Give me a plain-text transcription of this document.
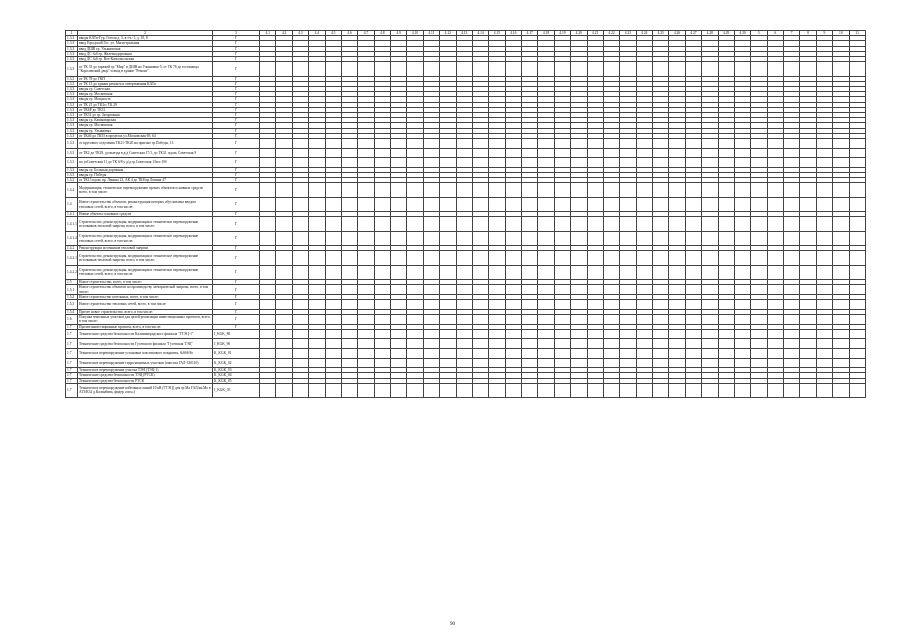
1	2	3	4.1	4.2	4.3	4.4	4.5	4.6	4.7	4.8	4.9	4.10	4.11	4.12	4.13	4.14	4.15	4.16	4.17	4.18	4.19	4.20	4.21	4.22	4.23	4.24	4.25	4.26	4.27	4.28	4.29	4.30	5	6	7	8	9	10	11
1.3.3	вводы КАТп-Гур, Гоголя д. 3, в т.ч.-1, д. 10, 8	Г																																					
1.3.3	ввод Городской Гос. ул. Магистральная	Г																																					
1.3.3	ввод ДШВ гр. Ульяновская	Г																																					
1.3.3	ввод ДС №6 гр. Железнодорожная	Г																																					
1.3.3	ввод ДС №6 гр. Вое Комсомольская	Г																																					
1.3.3	от ТК 33 до гаражей гр."Мир" и ДШВ на Ульяновка-5; от ТК 76 до гостиницы "Королевский двор" и ввод в здание "Ремонт"	Г																																					
1.3.3	от ТК 78 до ГКП	Г																																					
1.3.3	от ТК 13 до здания ремонта и отвертывания КАТп	Г																																					
1.3.3	вводы гр. Советская	Г																																					
1.3.3	вводы гр. Московская	Г																																					
1.3.3	вводы гр. Мощность	Г																																					
1.3.3	от ТК 21 до ТК2о; ТК 29	Г																																					
1.3.3	от ТК6Р до ТК31	Г																																					
1.3.3	от ТК31 до гр. Заторожная	Г																																					
1.3.3	вводы гр. Кашковарская	Г																																					
1.3.3	вводы гр. Московская	Г																																					
1.3.3	вводы гр. Ульяновых	Г																																					
1.3.3	от ТК46 до ТК55 в пределах ул.Московская 69, 64	Г																																					
1.3.3	от кругового отделения ТК21-ТК20 на пригоне гр.Победы, 13	Г																																					
1.3.3	от ТК2 до ТК29, до выезда в д/д Советская 17/1, до ТК31, вдоль Советская 9	Г																																					
1.3.3	по улСоветская 11 до ТК 6/8 у д/д гр.Советская 13в и 10б	Г																																					
1.3.3	вводы гр. Большая дорожная	Г																																					
1.3.3	вводы гр. Победы	Г																																					
1.3.3	от ТК13 вдоль пр. Ленина 23, АК 4 до ТК8 пр.Ленина 47	Г																																					
1.3.4	Модернизация, техническое перевооружение прочих объектов основных средств всего, в том числе:	Г																																					
1.4	Новое строительство объектов, реконструкция которых обусловлена вводом тепловых сетей, всего, в том числе:	Г																																					
1.4.1	Новые объекты основных средств	Г																																					
1.4.1.1	Строительство, реконструкция, модернизация и техническое перевооружение источников тепловой энергии, всего, в том числе:	Г																																					
1.4.1.2	Строительство, реконструкция, модернизация и техническое перевооружение тепловых сетей, всего, в том числе:	Г																																					
1.4.2	Реконструкция источников тепловой энергии	Г																																					
1.4.2.1	Строительство, реконструкция, модернизация и техническое перевооружение источников тепловой энергии, всего, в том числе:	Г																																					
1.4.2.2	Строительство, реконструкция, модернизация и техническое перевооружение тепловых сетей, всего, в том числе:	Г																																					
1.5	Новое строительство, всего, в том числе:	Г																																					
1.5.1	Новое строительство объектов по производству электрической энергии, всего, в том числе:	Г																																					
1.5.2	Новое строительство котельных, всего, в том числе:	Г																																					
1.5.3	Новое строительство тепловых сетей, всего, в том числе:	Г																																					
1.5.4	Прочее новое строительство, всего, в том числе:	Г																																					
1.6	Покупка земельных участков для целей реализации инвестиционных проектов, всего, в том числе:	Г																																					
1.7	Прочие инвестиционные проекты, всего, в том числе:	Г																																					
1.7	Технические средства безопасности Калининградского филиала "ГТЭЦ-1"	J_КGK_80																																					
1.7	Технические средства безопасности Гусевского филиала "Гусевская ТЭЦ"	J_КGK_90																																					
1.7	Техническое перевооружение установки пластикового покрытия, №666 8о	K_KGK_01																																					
1.7	Техническое перевооружение гидрозащитных участков (очистка ГАЛ-330110)	K_KGK_02																																					
1.7	Техническое перевооружение участка ТЭН (ТЭЦ-1)	K_KGK_03																																					
1.7	Технические средства безопасности ТЭЦ (РТСК)	K_KGK_04																																					
1.7	Технические средства безопасности РТСК	K_KGK_05																																					
1.7	Техническое перевооружение кабельных линий 10 кВ (ГТЭЦ) для гр.Ма ГАЛ/кн.Мо в АТЗ/К32 д.Калинбива, фидер «пох»)	J_KGK_03																																					
90
